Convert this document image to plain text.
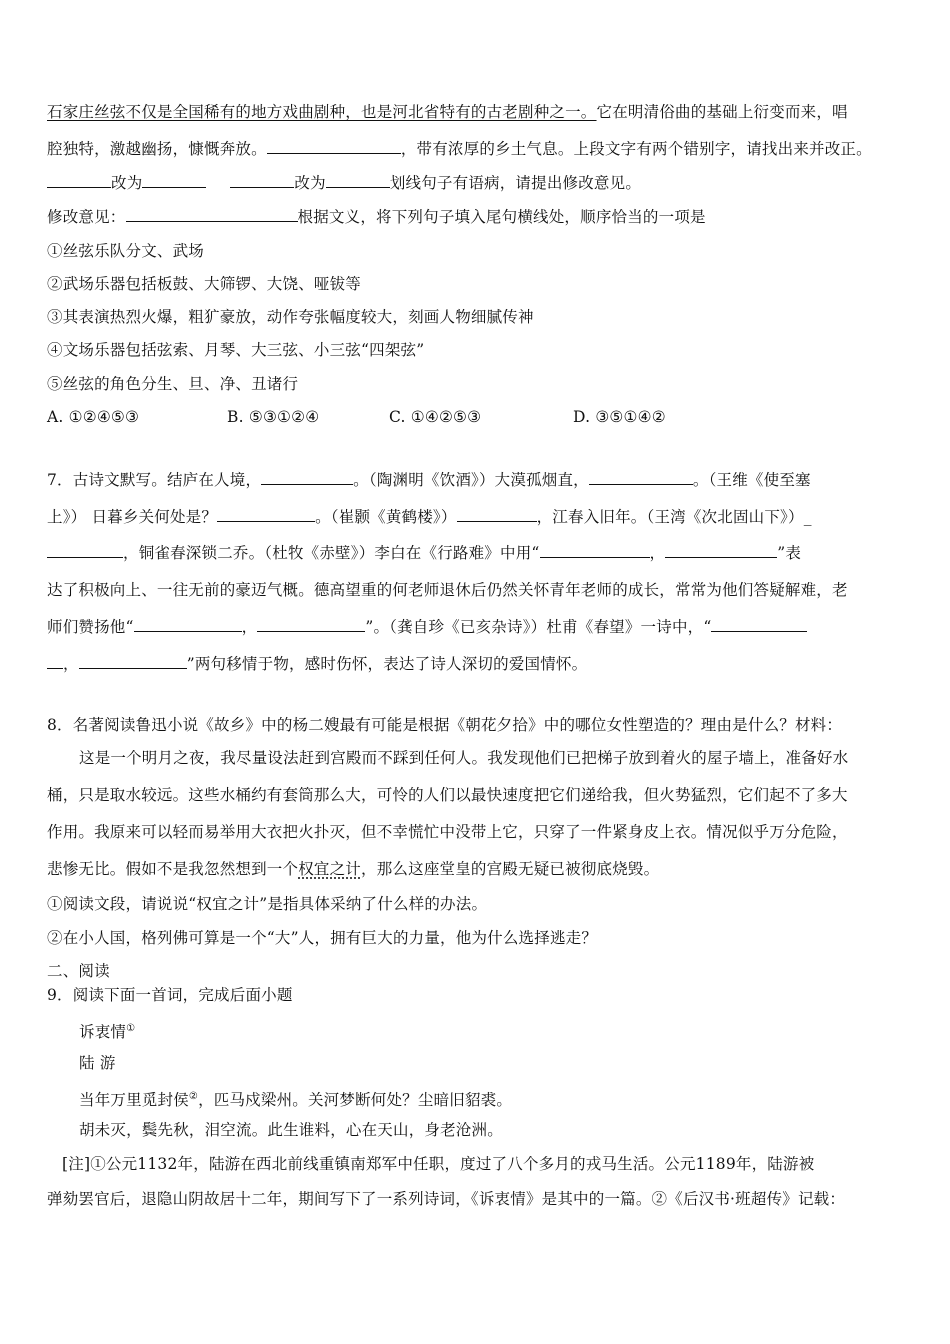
石家庄丝弦不仅是全国稀有的地方戏曲剧种，也是河北省特有的古老剧种之一。它在明清俗曲的基础上衍变而来，唱
腔独特，激越幽扬，慷慨奔放。	，带有浓厚的乡土气息。上段文字有两个错别字，请找出来并改正。
改为	改为	划线句子有语病，请提出修改意见。
修改意见：	根据文义，将下列句子填入尾句横线处，顺序恰当的一项是
①丝弦乐队分文、武场
②武场乐器包括板鼓、大筛锣、大饶、哑钹等
③其表演热烈火爆，粗犷豪放，动作夸张幅度较大，刻画人物细腻传神
④文场乐器包括弦索、月琴、大三弦、小三弦“四架弦”
⑤丝弦的角色分生、旦、净、丑诸行
A. ①②④⑤③	B. ⑤③①②④	C. ①④②⑤③	D. ③⑤①④②
7．古诗文默写。结庐在人境，	。（陶渊明《饮酒》）大漠孤烟直，	。（王维《使至塞
上》） 日暮乡关何处是？	。（崔颢《黄鹤楼》）	，江春入旧年。（王湾《次北固山下》）_
，铜雀春深锁二乔。（杜牧《赤壁》）李白在《行路难》中用“	，	”表
达了积极向上、一往无前的豪迈气概。德高望重的何老师退休后仍然关怀青年老师的成长，常常为他们答疑解难，老
师们赞扬他“	，	”。（龚自珍《已亥杂诗》）杜甫《春望》一诗中，“
，	”两句移情于物，感时伤怀，表达了诗人深切的爱国情怀。
8．名著阅读鲁迅小说《故乡》中的杨二嫂最有可能是根据《朝花夕拾》中的哪位女性塑造的？理由是什么？材料：
这是一个明月之夜，我尽量设法赶到宫殿而不踩到任何人。我发现他们已把梯子放到着火的屋子墙上，准备好水
桶，只是取水较远。这些水桶约有套筒那么大，可怜的人们以最快速度把它们递给我，但火势猛烈，它们起不了多大
作用。我原来可以轻而易举用大衣把火扑灭，但不幸慌忙中没带上它，只穿了一件紧身皮上衣。情况似乎万分危险，
悲惨无比。假如不是我忽然想到一个权宜之计，那么这座堂皇的宫殿无疑已被彻底烧毁。
①阅读文段，请说说“权宜之计”是指具体采纳了什么样的办法。
②在小人国，格列佛可算是一个“大”人，拥有巨大的力量，他为什么选择逃走？
二、阅读
9．阅读下面一首词，完成后面小题
诉衷情①
陆 游
当年万里觅封侯②，匹马戍梁州。关河梦断何处？尘暗旧貂裘。
胡未灭，鬓先秋，泪空流。此生谁料，心在天山，身老沧洲。
[注]①公元1132年，陆游在西北前线重镇南郑军中任职，度过了八个多月的戎马生活。公元1189年，陆游被
弹劾罢官后，退隐山阴故居十二年，期间写下了一系列诗词，《诉衷情》是其中的一篇。②《后汉书·班超传》记载：
